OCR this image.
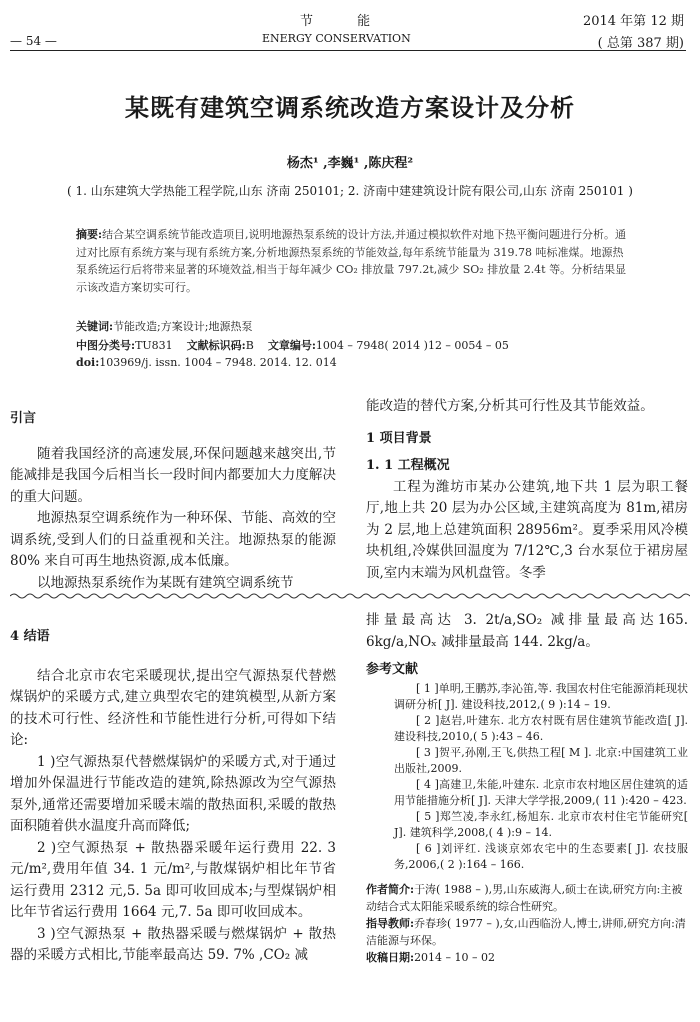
节 能
ENERGY CONSERVATION
2014 年第 12 期
( 总第 387 期)
— 54 —
某既有建筑空调系统改造方案设计及分析
杨杰¹ ,李巍¹ ,陈庆程²
( 1. 山东建筑大学热能工程学院,山东 济南 250101; 2. 济南中建建筑设计院有限公司,山东 济南 250101 )
摘要:结合某空调系统节能改造项目,说明地源热泵系统的设计方法,并通过模拟软件对地下热平衡问题进行分析。通过对比原有系统方案与现有系统方案,分析地源热泵系统的节能效益,每年系统节能量为 319.78 吨标准煤。地源热泵系统运行后将带来显著的环境效益,相当于每年减少 CO₂ 排放量 797.2t,减少 SO₂ 排放量 2.4t 等。分析结果显示该改造方案切实可行。
关键词:节能改造;方案设计;地源热泵
中图分类号:TU831 文献标识码:B 文章编号:1004 – 7948( 2014 )12 – 0054 – 05
doi:103969/j. issn. 1004 – 7948. 2014. 12. 014
引言

随着我国经济的高速发展,环保问题越来越突出,节能减排是我国今后相当长一段时间内都要加大力度解决的重大问题。

地源热泵空调系统作为一种环保、节能、高效的空调系统,受到人们的日益重视和关注。地源热泵的能源 80% 来自可再生地热资源,成本低廉。

以地源热泵系统作为某既有建筑空调系统节

能改造的替代方案,分析其可行性及其节能效益。

1 项目背景
1. 1 工程概况

工程为潍坊市某办公建筑,地下共 1 层为职工餐厅,地上共 20 层为办公区域,主建筑高度为 81m,裙房为 2 层,地上总建筑面积 28956m²。夏季采用风冷模块机组,冷媒供回温度为 7/12℃,3 台水泵位于裙房屋顶,室内末端为风机盘管。冬季

4 结语

结合北京市农宅采暖现状,提出空气源热泵代替燃煤锅炉的采暖方式,建立典型农宅的建筑模型,从新方案的技术可行性、经济性和节能性进行分析,可得如下结论:

1 )空气源热泵代替燃煤锅炉的采暖方式,对于通过增加外保温进行节能改造的建筑,除热源改为空气源热泵外,通常还需要增加采暖末端的散热面积,采暖的散热面积随着供水温度升高而降低;

2 )空气源热泵 + 散热器采暖年运行费用 22. 3 元/m²,费用年值 34. 1 元/m²,与散煤锅炉相比年节省运行费用 2312 元,5. 5a 即可收回成本;与型煤锅炉相比年节省运行费用 1664 元,7. 5a 即可收回成本。

3 )空气源热泵 + 散热器采暖与燃煤锅炉 + 散热器的采暖方式相比,节能率最高达 59. 7% ,CO₂ 减

排量最高达 3. 2t/a,SO₂ 减排量最高达165. 6kg/a,NOₓ 减排量最高 144. 2kg/a。

参考文献

[ 1 ]单明,王鹏苏,李沁笛,等. 我国农村住宅能源消耗现状调研分析[ J]. 建设科技,2012,( 9 ):14 – 19.

[ 2 ]赵岩,叶建东. 北方农村既有居住建筑节能改造[ J]. 建设科技,2010,( 5 ):43 – 46.

[ 3 ]贺平,孙刚,王飞,供热工程[ M ]. 北京:中国建筑工业出版社,2009.

[ 4 ]高建卫,朱能,叶建东. 北京市农村地区居住建筑的适用节能措施分析[ J]. 天津大学学报,2009,( 11 ):420 – 423.

[ 5 ]郑竺凌,李永红,杨旭东. 北京市农村住宅节能研究[ J]. 建筑科学,2008,( 4 ):9 – 14.

[ 6 ]刘评红. 浅谈京郊农宅中的生态要素[ J]. 农技服务,2006,( 2 ):164 – 166.

作者简介:于涛( 1988 – ),男,山东威海人,硕士在读,研究方向:主被动结合式太阳能采暖系统的综合性研究。
指导教师:乔春珍( 1977 – ),女,山西临汾人,博士,讲师,研究方向:清洁能源与环保。
收稿日期:2014 – 10 – 02
